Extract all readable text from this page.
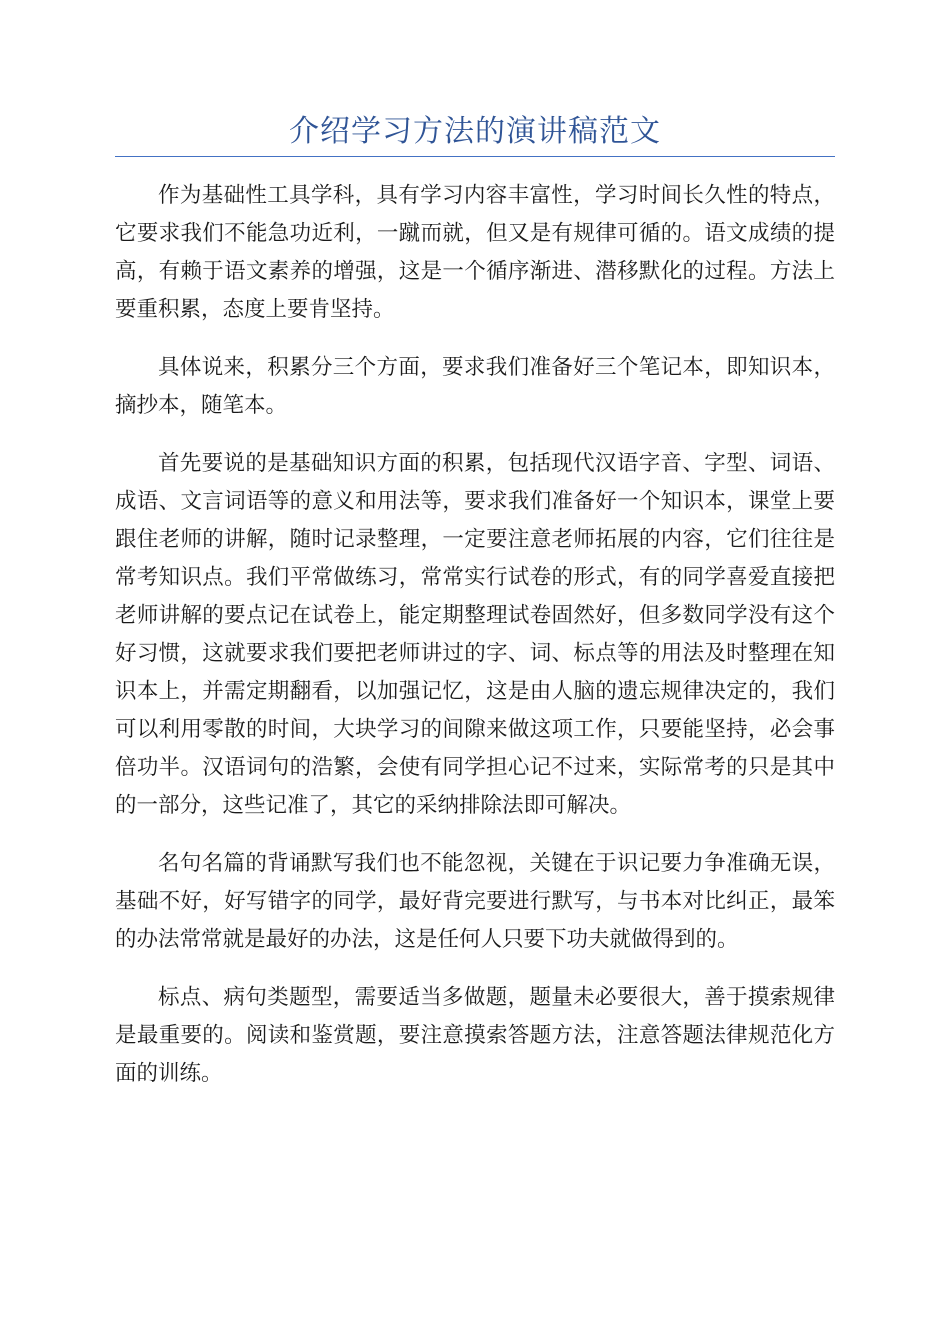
介绍学习方法的演讲稿范文

作为基础性工具学科，具有学习内容丰富性，学习时间长久性的特点，它要求我们不能急功近利，一蹴而就，但又是有规律可循的。语文成绩的提高，有赖于语文素养的增强，这是一个循序渐进、潜移默化的过程。方法上要重积累，态度上要肯坚持。

具体说来，积累分三个方面，要求我们准备好三个笔记本，即知识本，摘抄本，随笔本。

首先要说的是基础知识方面的积累，包括现代汉语字音、字型、词语、成语、文言词语等的意义和用法等，要求我们准备好一个知识本，课堂上要跟住老师的讲解，随时记录整理，一定要注意老师拓展的内容，它们往往是常考知识点。我们平常做练习，常常实行试卷的形式，有的同学喜爱直接把老师讲解的要点记在试卷上，能定期整理试卷固然好，但多数同学没有这个好习惯，这就要求我们要把老师讲过的字、词、标点等的用法及时整理在知识本上，并需定期翻看，以加强记忆，这是由人脑的遗忘规律决定的，我们可以利用零散的时间，大块学习的间隙来做这项工作，只要能坚持，必会事倍功半。汉语词句的浩繁，会使有同学担心记不过来，实际常考的只是其中的一部分，这些记准了，其它的采纳排除法即可解决。

名句名篇的背诵默写我们也不能忽视，关键在于识记要力争准确无误，基础不好，好写错字的同学，最好背完要进行默写，与书本对比纠正，最笨的办法常常就是最好的办法，这是任何人只要下功夫就做得到的。

标点、病句类题型，需要适当多做题，题量未必要很大，善于摸索规律是最重要的。阅读和鉴赏题，要注意摸索答题方法，注意答题法律规范化方面的训练。
